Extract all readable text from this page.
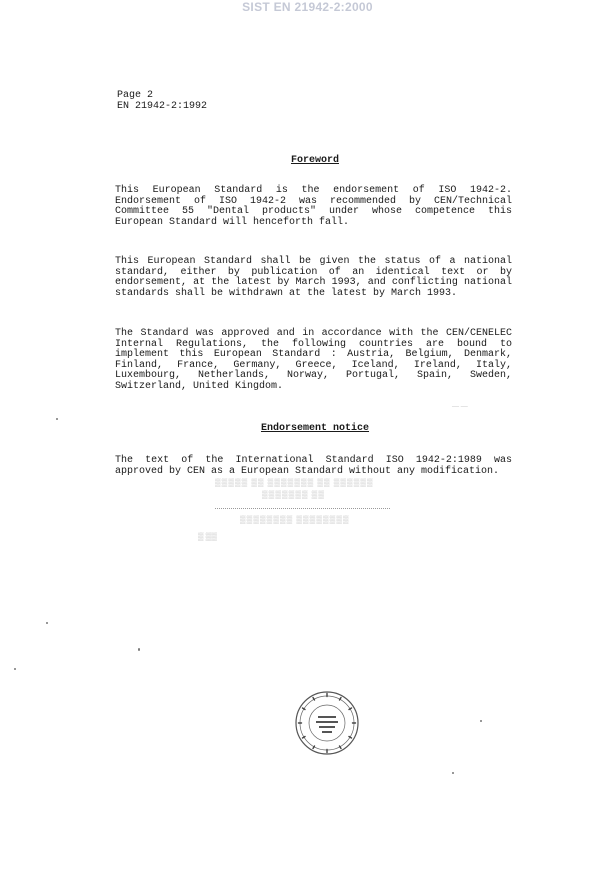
SIST EN 21942-2:2000
Page 2
EN 21942-2:1992
Foreword

This European Standard is the endorsement of ISO 1942-2. Endorsement of ISO 1942-2 was recommended by CEN/Technical Committee 55 "Dental products" under whose competence this European Standard will henceforth fall.

This European Standard shall be given the status of a national standard, either by publication of an identical text or by endorsement, at the latest by March 1993, and conflicting national standards shall be withdrawn at the latest by March 1993.

The Standard was approved and in accordance with the CEN/CENELEC Internal Regulations, the following countries are bound to implement this European Standard : Austria, Belgium, Denmark, Finland, France, Germany, Greece, Iceland, Ireland, Italy, Luxembourg, Netherlands, Norway, Portugal, Spain, Sweden, Switzerland, United Kingdom.

— —
Endorsement notice

The text of the International Standard ISO 1942-2:1989 was approved by CEN as a European Standard without any modification.

▒▒▒▒▒ ▒▒ ▒▒▒▒▒▒▒ ▒▒ ▒▒▒▒▒▒
▒▒▒▒▒▒▒ ▒▒
▒▒▒▒▒▒▒▒ ▒▒▒▒▒▒▒▒
▒ ▒▒
